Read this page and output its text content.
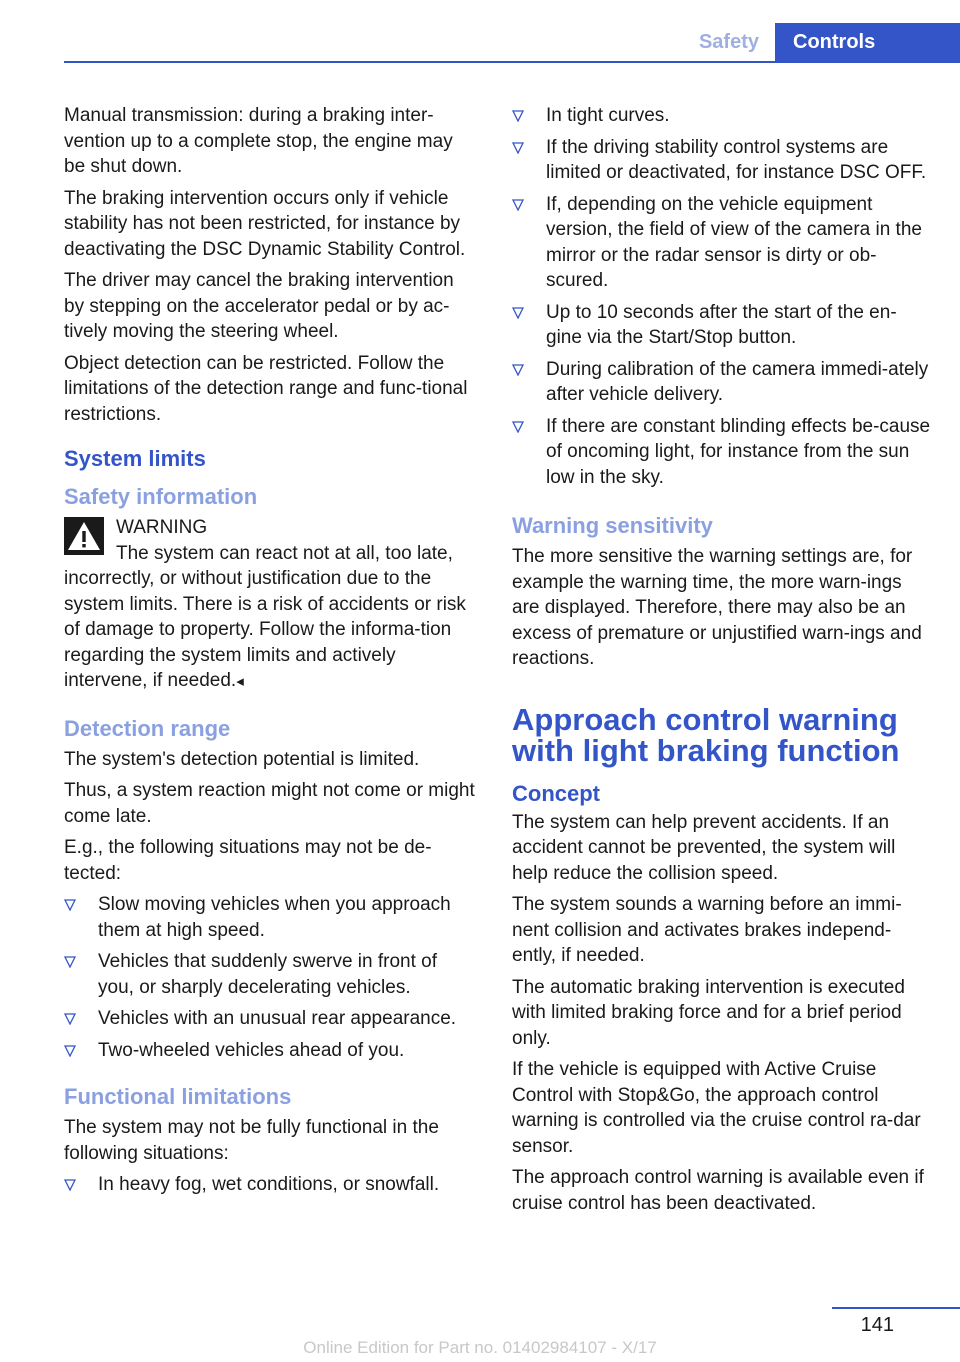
Safety	Controls

Manual transmission: during a braking inter‐vention up to a complete stop, the engine may be shut down.

The braking intervention occurs only if vehicle stability has not been restricted, for instance by deactivating the DSC Dynamic Stability Control.

The driver may cancel the braking intervention by stepping on the accelerator pedal or by ac‐tively moving the steering wheel.

Object detection can be restricted. Follow the limitations of the detection range and func‐tional restrictions.

System limits
Safety information
WARNING
The system can react not at all, too late, incorrectly, or without justification due to the system limits. There is a risk of accidents or risk of damage to property. Follow the informa‐tion regarding the system limits and actively intervene, if needed.◂
Detection range

The system's detection potential is limited.

Thus, a system reaction might not come or might come late.

E.g., the following situations may not be de‐tected:

Slow moving vehicles when you approach them at high speed.
Vehicles that suddenly swerve in front of you, or sharply decelerating vehicles.
Vehicles with an unusual rear appearance.
Two-wheeled vehicles ahead of you.
Functional limitations

The system may not be fully functional in the following situations:

In heavy fog, wet conditions, or snowfall.
In tight curves.
If the driving stability control systems are limited or deactivated, for instance DSC OFF.
If, depending on the vehicle equipment version, the field of view of the camera in the mirror or the radar sensor is dirty or ob‐scured.
Up to 10 seconds after the start of the en‐gine via the Start/Stop button.
During calibration of the camera immedi‐ately after vehicle delivery.
If there are constant blinding effects be‐cause of oncoming light, for instance from the sun low in the sky.
Warning sensitivity

The more sensitive the warning settings are, for example the warning time, the more warn‐ings are displayed. Therefore, there may also be an excess of premature or unjustified warn‐ings and reactions.

Approach control warning with light braking function
Concept

The system can help prevent accidents. If an accident cannot be prevented, the system will help reduce the collision speed.

The system sounds a warning before an immi‐nent collision and activates brakes independ‐ently, if needed.

The automatic braking intervention is executed with limited braking force and for a brief period only.

If the vehicle is equipped with Active Cruise Control with Stop&Go, the approach control warning is controlled via the cruise control ra‐dar sensor.

The approach control warning is available even if cruise control has been deactivated.

141
Online Edition for Part no. 01402984107 - X/17
